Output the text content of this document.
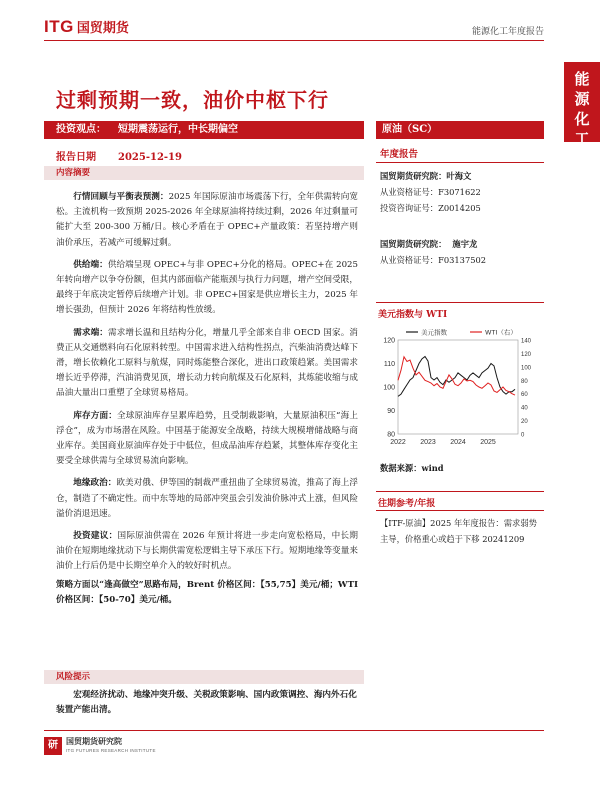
ITG 国贸期货	能源化工年度报告
能
源
化
工
过剩预期一致，油价中枢下行
投资观点： 短期震荡运行，中长期偏空
报告日期 2025-12-19
内容摘要

行情回顾与平衡表预测：2025 年国际原油市场震荡下行，全年供需转向宽松。主流机构一致预期 2025-2026 年全球原油将持续过剩，2026 年过剩量可能扩大至 200-300 万桶/日。核心矛盾在于 OPEC+产量政策：若坚持增产则油价承压，若减产可缓解过剩。

供给端：供给端呈现 OPEC+与非 OPEC+分化的格局。OPEC+在 2025 年转向增产以争夺份额，但其内部面临产能瓶颈与执行力问题，增产空间受限，最终于年底决定暂停后续增产计划。非 OPEC+国家是供应增长主力，2025 年增长强劲，但预计 2026 年将结构性放缓。

需求端：需求增长温和且结构分化，增量几乎全部来自非 OECD 国家。消费正从交通燃料向石化原料转型。中国需求进入结构性拐点，汽柴油消费达峰下滑，增长依赖化工原料与航煤，同时炼能整合深化，进出口政策趋紧。美国需求增长近乎停滞，汽油消费见顶，增长动力转向航煤及石化原料，其炼能收缩与成品油大量出口重塑了全球贸易格局。

库存方面：全球原油库存呈累库趋势，且受制裁影响，大量原油积压“海上浮仓”，成为市场潜在风险。中国基于能源安全战略，持续大规模增储战略与商业库存。美国商业原油库存处于中低位，但成品油库存趋紧，其整体库存变化主要受全球供需与全球贸易流向影响。

地缘政治：欧美对俄、伊等国的制裁严重扭曲了全球贸易流，推高了海上浮仓，制造了不确定性。而中东等地的局部冲突虽会引发油价脉冲式上涨，但风险溢价消退迅速。

投资建议：国际原油供需在 2026 年预计将进一步走向宽松格局，中长期油价在短期地缘扰动下与长期供需宽松逻辑主导下承压下行。短期地缘等变量来油价上行后仍是中长期空单介入的较好时机点。

策略方面以“逢高做空”思路布局，Brent 价格区间：【55,75】美元/桶；WTI 价格区间：【50-70】美元/桶。

风险提示
宏观经济扰动、地缘冲突升级、关税政策影响、国内政策调控、海内外石化装置产能出清。
原油（SC）
年度报告
国贸期货研究院：叶海文
从业资格证号：F3071622
投资咨询证号：Z0014205
国贸期货研究院： 施宇龙
从业资格证号：F03137502
美元指数与 WTI
80
90
100
110
120
0
20
40
60
80
100
120
140
2022 2023 2024 2025
美元指数	WTI（右）
数据来源：wind
往期参考/年报
【ITF-原油】2025 年年度报告：需求弱势主导，价格重心或趋于下移 20241209
研	国贸期货研究院
ITG FUTURES RESEARCH INSTITUTE
